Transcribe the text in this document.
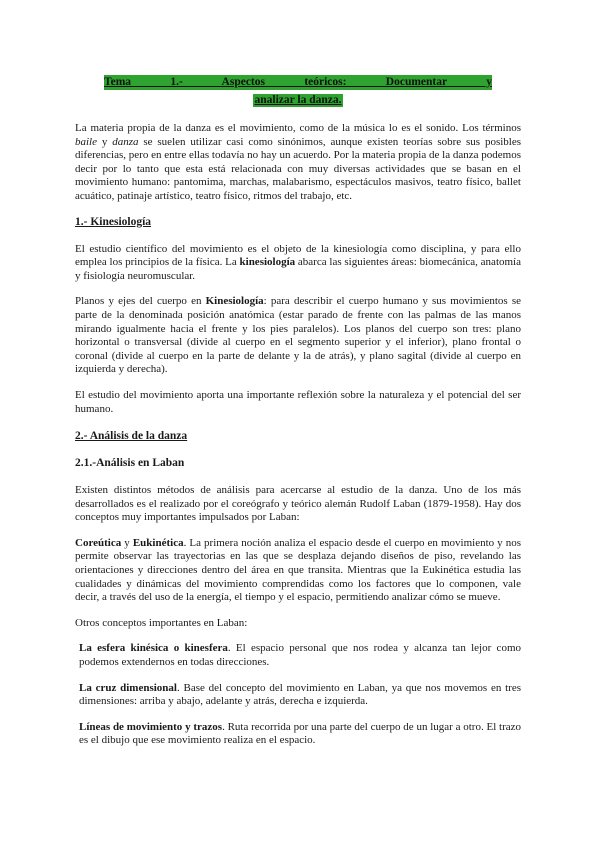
Tema 1.- Aspectos teóricos: Documentar y
analizar la danza.

La materia propia de la danza es el movimiento, como de la música lo es el sonido. Los términos baile y danza se suelen utilizar casi como sinónimos, aunque existen teorías sobre sus posibles diferencias, pero en entre ellas todavía no hay un acuerdo. Por la materia propia de la danza podemos decir por lo tanto que esta está relacionada con muy diversas actividades que se basan en el movimiento humano: pantomima, marchas, malabarismo, espectáculos masivos, teatro físico, ballet acuático, patinaje artístico, teatro físico, ritmos del trabajo, etc.

1.- Kinesiología

El estudio científico del movimiento es el objeto de la kinesiología como disciplina, y para ello emplea los principios de la física. La kinesiología abarca las siguientes áreas: biomecánica, anatomía y fisiología neuromuscular.

Planos y ejes del cuerpo en Kinesiología: para describir el cuerpo humano y sus movimientos se parte de la denominada posición anatómica (estar parado de frente con las palmas de las manos mirando igualmente hacia el frente y los pies paralelos). Los planos del cuerpo son tres: plano horizontal o transversal (divide al cuerpo en el segmento superior y el inferior), plano frontal o coronal (divide al cuerpo en la parte de delante y la de atrás), y plano sagital (divide al cuerpo en izquierda y derecha).

El estudio del movimiento aporta una importante reflexión sobre la naturaleza y el potencial del ser humano.

2.- Análisis de la danza
2.1.-Análisis en Laban

Existen distintos métodos de análisis para acercarse al estudio de la danza. Uno de los más desarrollados es el realizado por el coreógrafo y teórico alemán Rudolf Laban (1879-1958). Hay dos conceptos muy importantes impulsados por Laban:

Coreútica y Eukinética. La primera noción analiza el espacio desde el cuerpo en movimiento y nos permite observar las trayectorias en las que se desplaza dejando diseños de piso, revelando las orientaciones y direcciones dentro del área en que transita. Mientras que la Eukinética estudia las cualidades y dinámicas del movimiento comprendidas como los factores que lo componen, vale decir, a través del uso de la energía, el tiempo y el espacio, permitiendo analizar cómo se mueve.

Otros conceptos importantes en Laban:

La esfera kinésica o kinesfera. El espacio personal que nos rodea y alcanza tan lejor como podemos extendernos en todas direcciones.

La cruz dimensional. Base del concepto del movimiento en Laban, ya que nos movemos en tres dimensiones: arriba y abajo, adelante y atrás, derecha e izquierda.

Líneas de movimiento y trazos. Ruta recorrida por una parte del cuerpo de un lugar a otro. El trazo es el dibujo que ese movimiento realiza en el espacio.
